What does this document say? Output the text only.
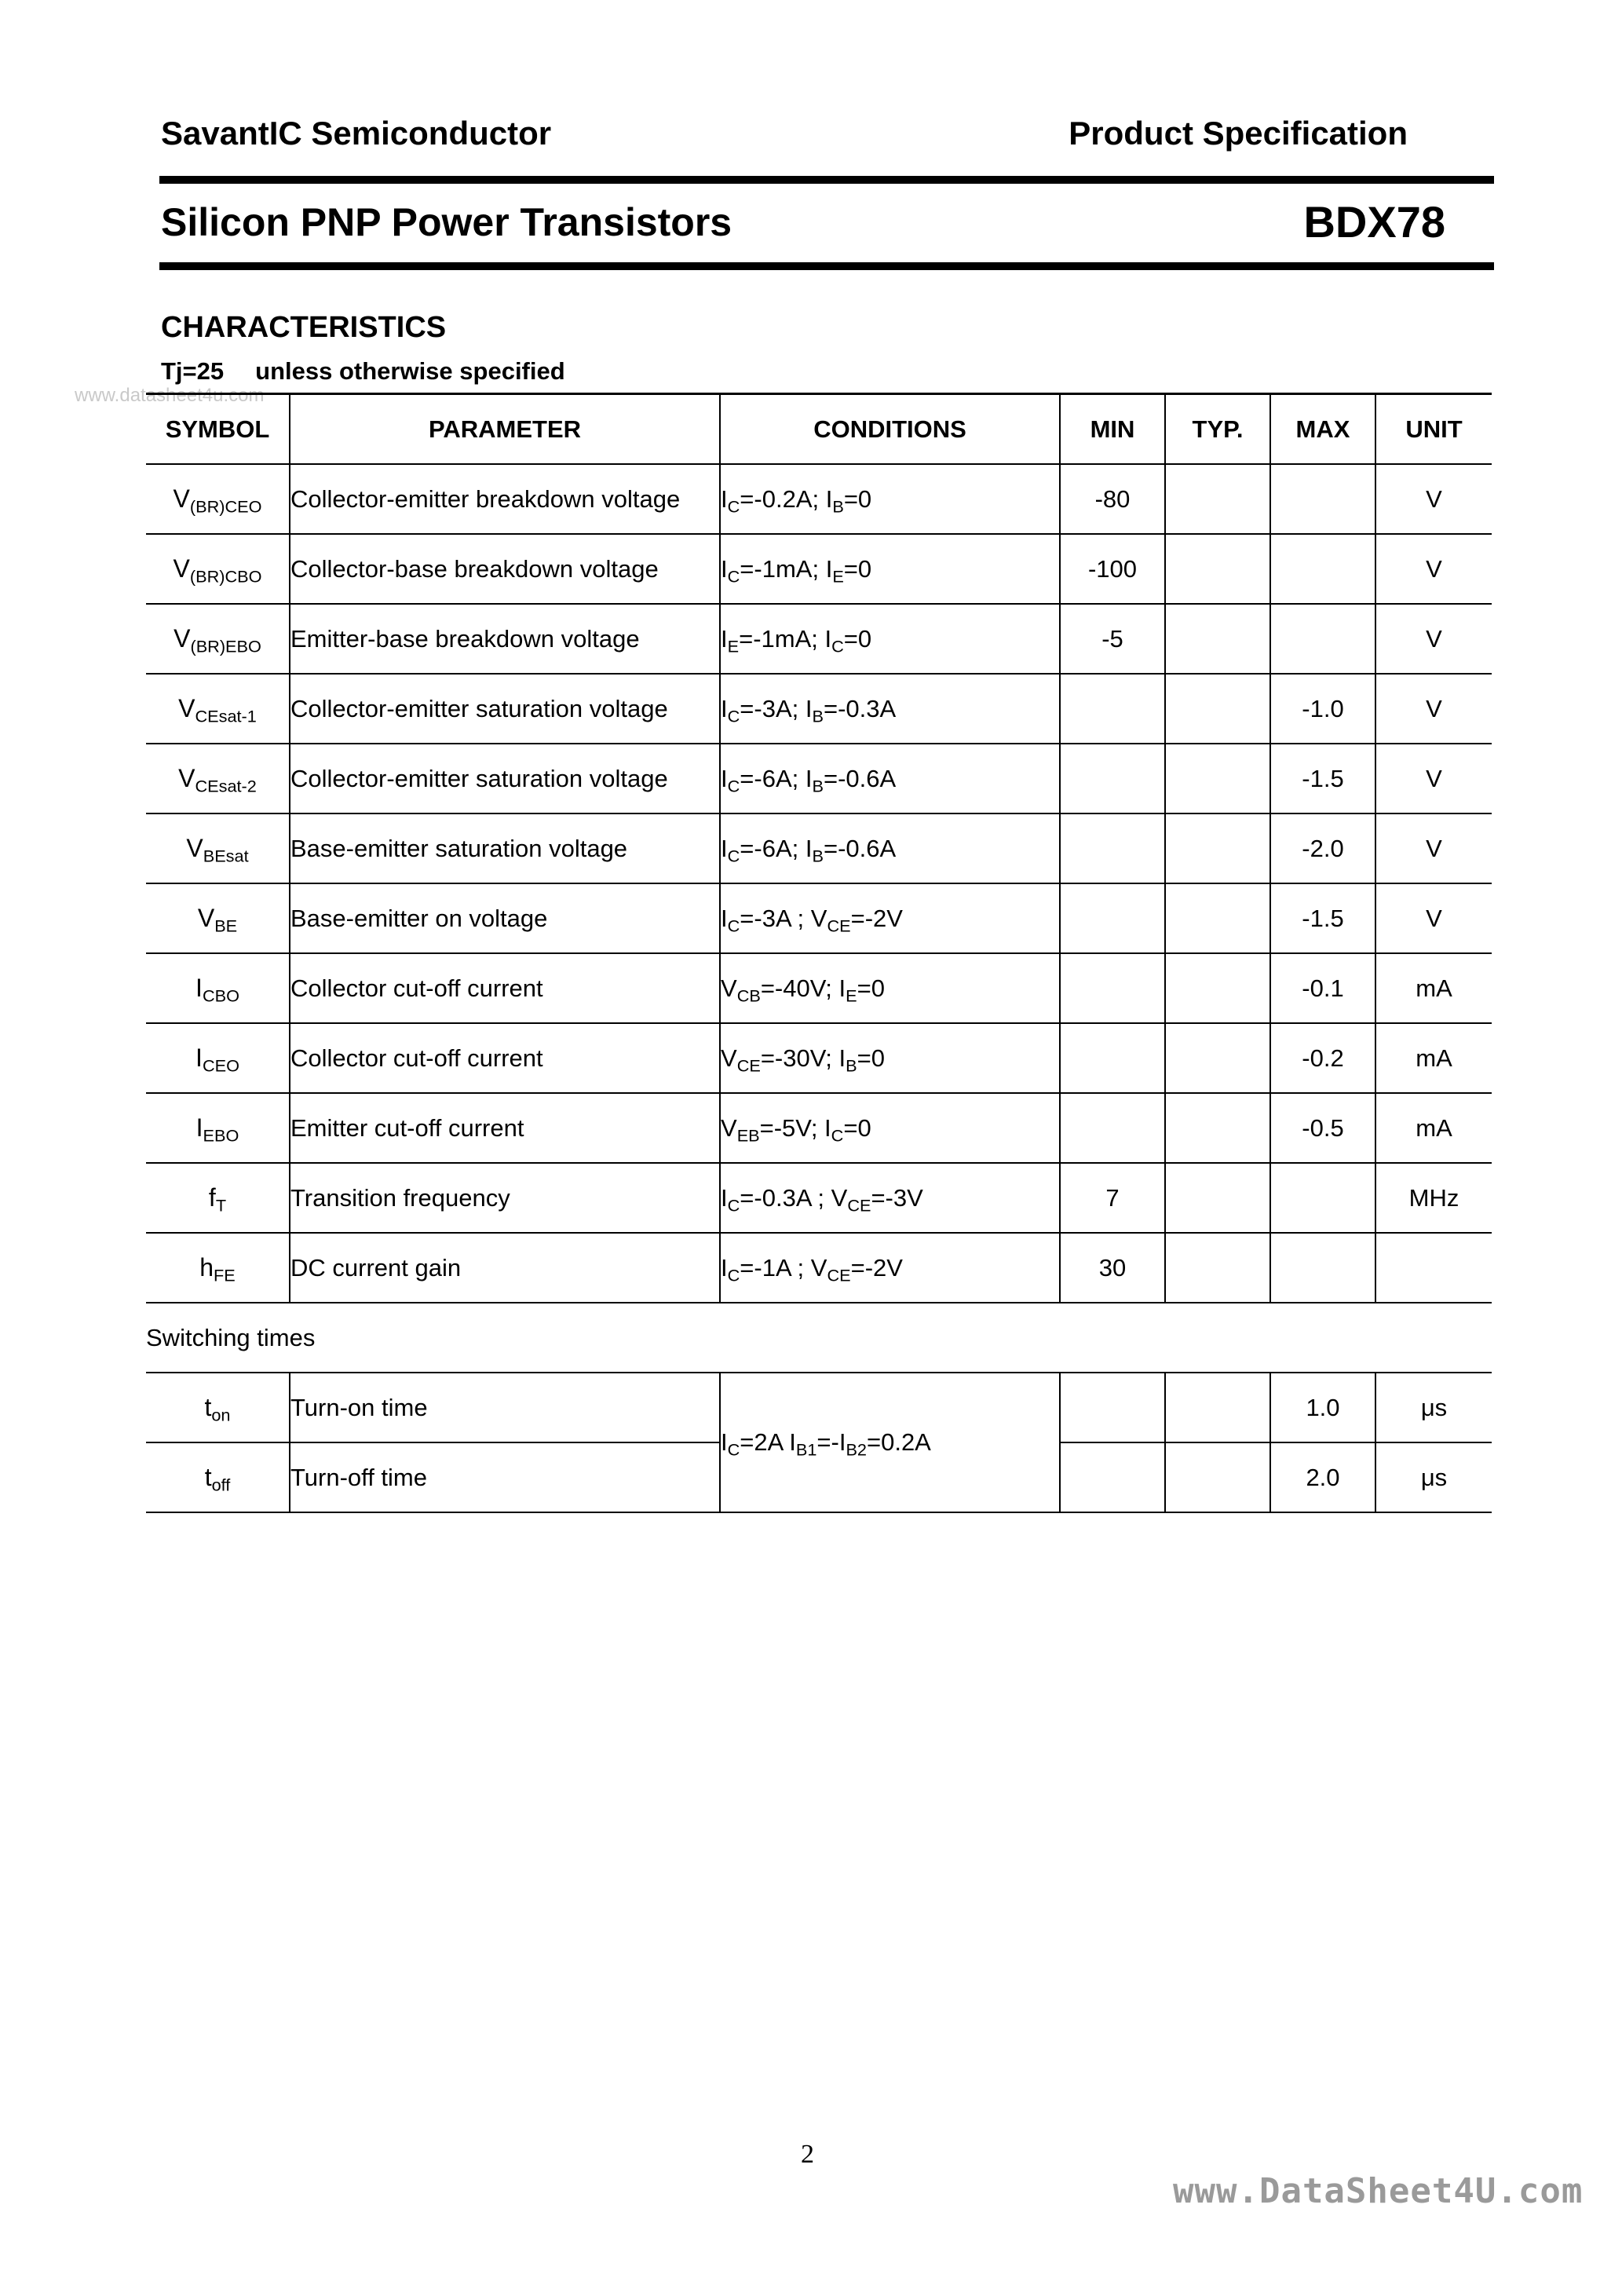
SavantIC Semiconductor	Product Specification
Silicon PNP Power Transistors	BDX78
CHARACTERISTICS
Tj=25 unless otherwise specified
www.datasheet4u.com
SYMBOL	PARAMETER	CONDITIONS	MIN	TYP.	MAX	UNIT
$V_{(BR)CEO}$	Collector-emitter breakdown voltage	$I_C=-0.2A$; $I_B=0$	-80			V
$V_{(BR)CBO}$	Collector-base breakdown voltage	$I_C=-1mA$; $I_E=0$	-100			V
$V_{(BR)EBO}$	Emitter-base breakdown voltage	$I_E=-1mA$; $I_C=0$	-5			V
$V_{CEsat-1}$	Collector-emitter saturation voltage	$I_C=-3A$; $I_B=-0.3A$			-1.0	V
$V_{CEsat-2}$	Collector-emitter saturation voltage	$I_C=-6A$; $I_B=-0.6A$			-1.5	V
$V_{BEsat}$	Base-emitter saturation voltage	$I_C=-6A$; $I_B=-0.6A$			-2.0	V
$V_{BE}$	Base-emitter on voltage	$I_C=-3A$ ; $V_{CE}=-2V$			-1.5	V
$I_{CBO}$	Collector cut-off current	$V_{CB}=-40V$; $I_E=0$			-0.1	mA
$I_{CEO}$	Collector cut-off current	$V_{CE}=-30V$; $I_B=0$			-0.2	mA
$I_{EBO}$	Emitter cut-off current	$V_{EB}=-5V$; $I_C=0$			-0.5	mA
$f_T$	Transition frequency	$I_C=-0.3A$ ; $V_{CE}=-3V$	7			MHz
$h_{FE}$	DC current gain	$I_C=-1A$ ; $V_{CE}=-2V$	30			
Switching times						
$t_{on}$	Turn-on time	$I_C=2A$ $I_{B1}=-I_{B2}=0.2A$			1.0	μs
$t_{off}$	Turn-off time				2.0	μs
2
www.DataSheet4U.com
